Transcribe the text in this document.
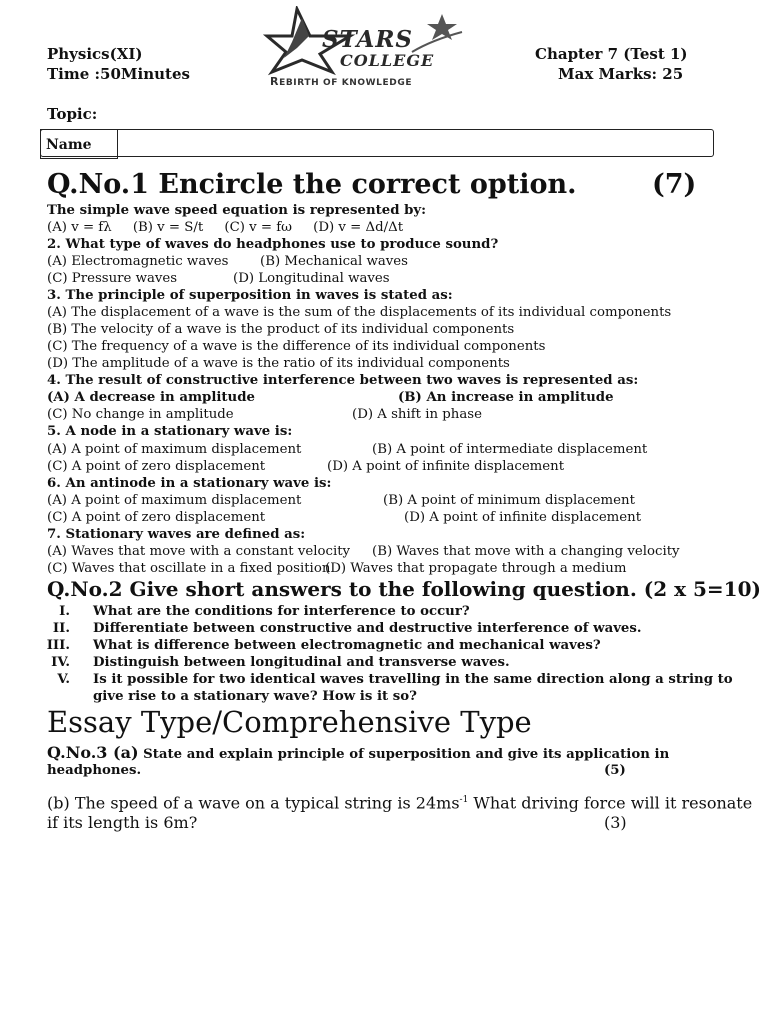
Physics(XI)
Time :50Minutes
Chapter 7 (Test 1)
Max Marks: 25
Topic:
STARS
COLLEGE
REBIRTH OF KNOWLEDGE
Name
Q.No.1 Encircle the correct option.	(7)
The simple wave speed equation is represented by:
(A) v = fλ (B) v = S/t (C) v = fω (D) v = Δd/Δt
2. What type of waves do headphones use to produce sound?
(A) Electromagnetic waves (B) Mechanical waves
(C) Pressure waves	(D) Longitudinal waves
3. The principle of superposition in waves is stated as:
(A) The displacement of a wave is the sum of the displacements of its individual components
(B) The velocity of a wave is the product of its individual components
(C) The frequency of a wave is the difference of its individual components
(D) The amplitude of a wave is the ratio of its individual components
4. The result of constructive interference between two waves is represented as:
(A) A decrease in amplitude	(B) An increase in amplitude
(C) No change in amplitude	(D) A shift in phase
5. A node in a stationary wave is:
(A) A point of maximum displacement	(B) A point of intermediate displacement
(C) A point of zero displacement	(D) A point of infinite displacement
6. An antinode in a stationary wave is:
(A) A point of maximum displacement	(B) A point of minimum displacement
(C) A point of zero displacement	(D) A point of infinite displacement
7. Stationary waves are defined as:
(A) Waves that move with a constant velocity (B) Waves that move with a changing velocity
(C) Waves that oscillate in a fixed position
(D) Waves that propagate through a medium
Q.No.2 Give short answers to the following question. (2 x 5=10)
I. What are the conditions for interference to occur?
II. Differentiate between constructive and destructive interference of waves.
III. What is difference between electromagnetic and mechanical waves?
IV. Distinguish between longitudinal and transverse waves.
V. Is it possible for two identical waves travelling in the same direction along a string to
give rise to a stationary wave? How is it so?
Essay Type/Comprehensive Type
Q.No.3 (a) State and explain principle of superposition and give its application in
headphones.	(5)
(b) The speed of a wave on a typical string is $24ms^{-1}$ What driving force will it resonate
if its length is 6m?	(3)
